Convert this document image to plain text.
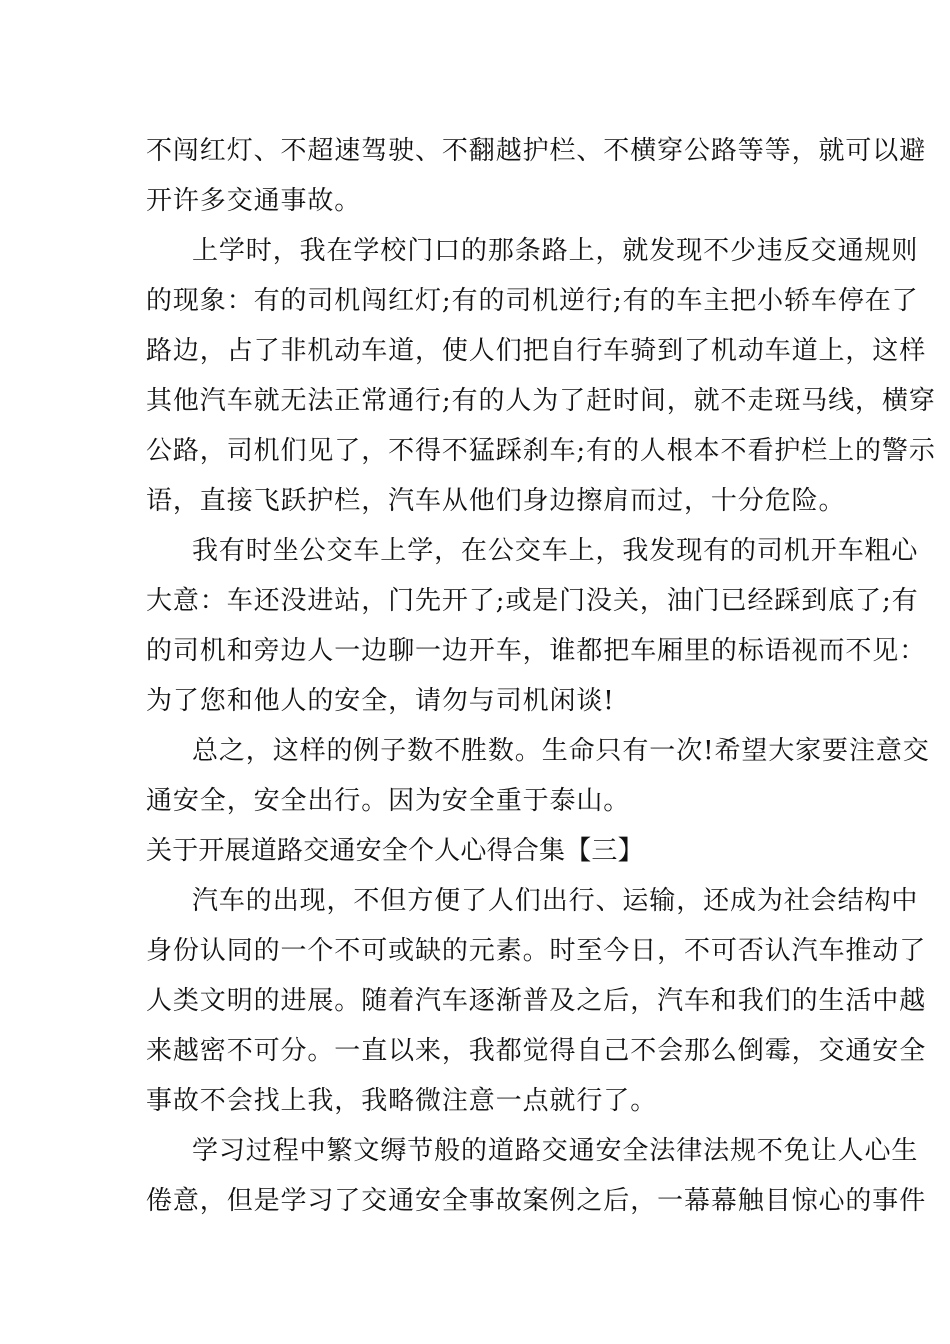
不闯红灯、不超速驾驶、不翻越护栏、不横穿公路等等，就可以避
开许多交通事故。
上学时，我在学校门口的那条路上，就发现不少违反交通规则
的现象：有的司机闯红灯;有的司机逆行;有的车主把小轿车停在了
路边，占了非机动车道，使人们把自行车骑到了机动车道上，这样
其他汽车就无法正常通行;有的人为了赶时间，就不走斑马线，横穿
公路，司机们见了，不得不猛踩刹车;有的人根本不看护栏上的警示
语，直接飞跃护栏，汽车从他们身边擦肩而过，十分危险。
我有时坐公交车上学，在公交车上，我发现有的司机开车粗心
大意：车还没进站，门先开了;或是门没关，油门已经踩到底了;有
的司机和旁边人一边聊一边开车，谁都把车厢里的标语视而不见：
为了您和他人的安全，请勿与司机闲谈!
总之，这样的例子数不胜数。生命只有一次!希望大家要注意交
通安全，安全出行。因为安全重于泰山。
关于开展道路交通安全个人心得合集【三】
汽车的出现，不但方便了人们出行、运输，还成为社会结构中
身份认同的一个不可或缺的元素。时至今日，不可否认汽车推动了
人类文明的进展。随着汽车逐渐普及之后，汽车和我们的生活中越
来越密不可分。一直以来，我都觉得自己不会那么倒霉，交通安全
事故不会找上我，我略微注意一点就行了。
学习过程中繁文缛节般的道路交通安全法律法规不免让人心生
倦意，但是学习了交通安全事故案例之后，一幕幕触目惊心的事件
